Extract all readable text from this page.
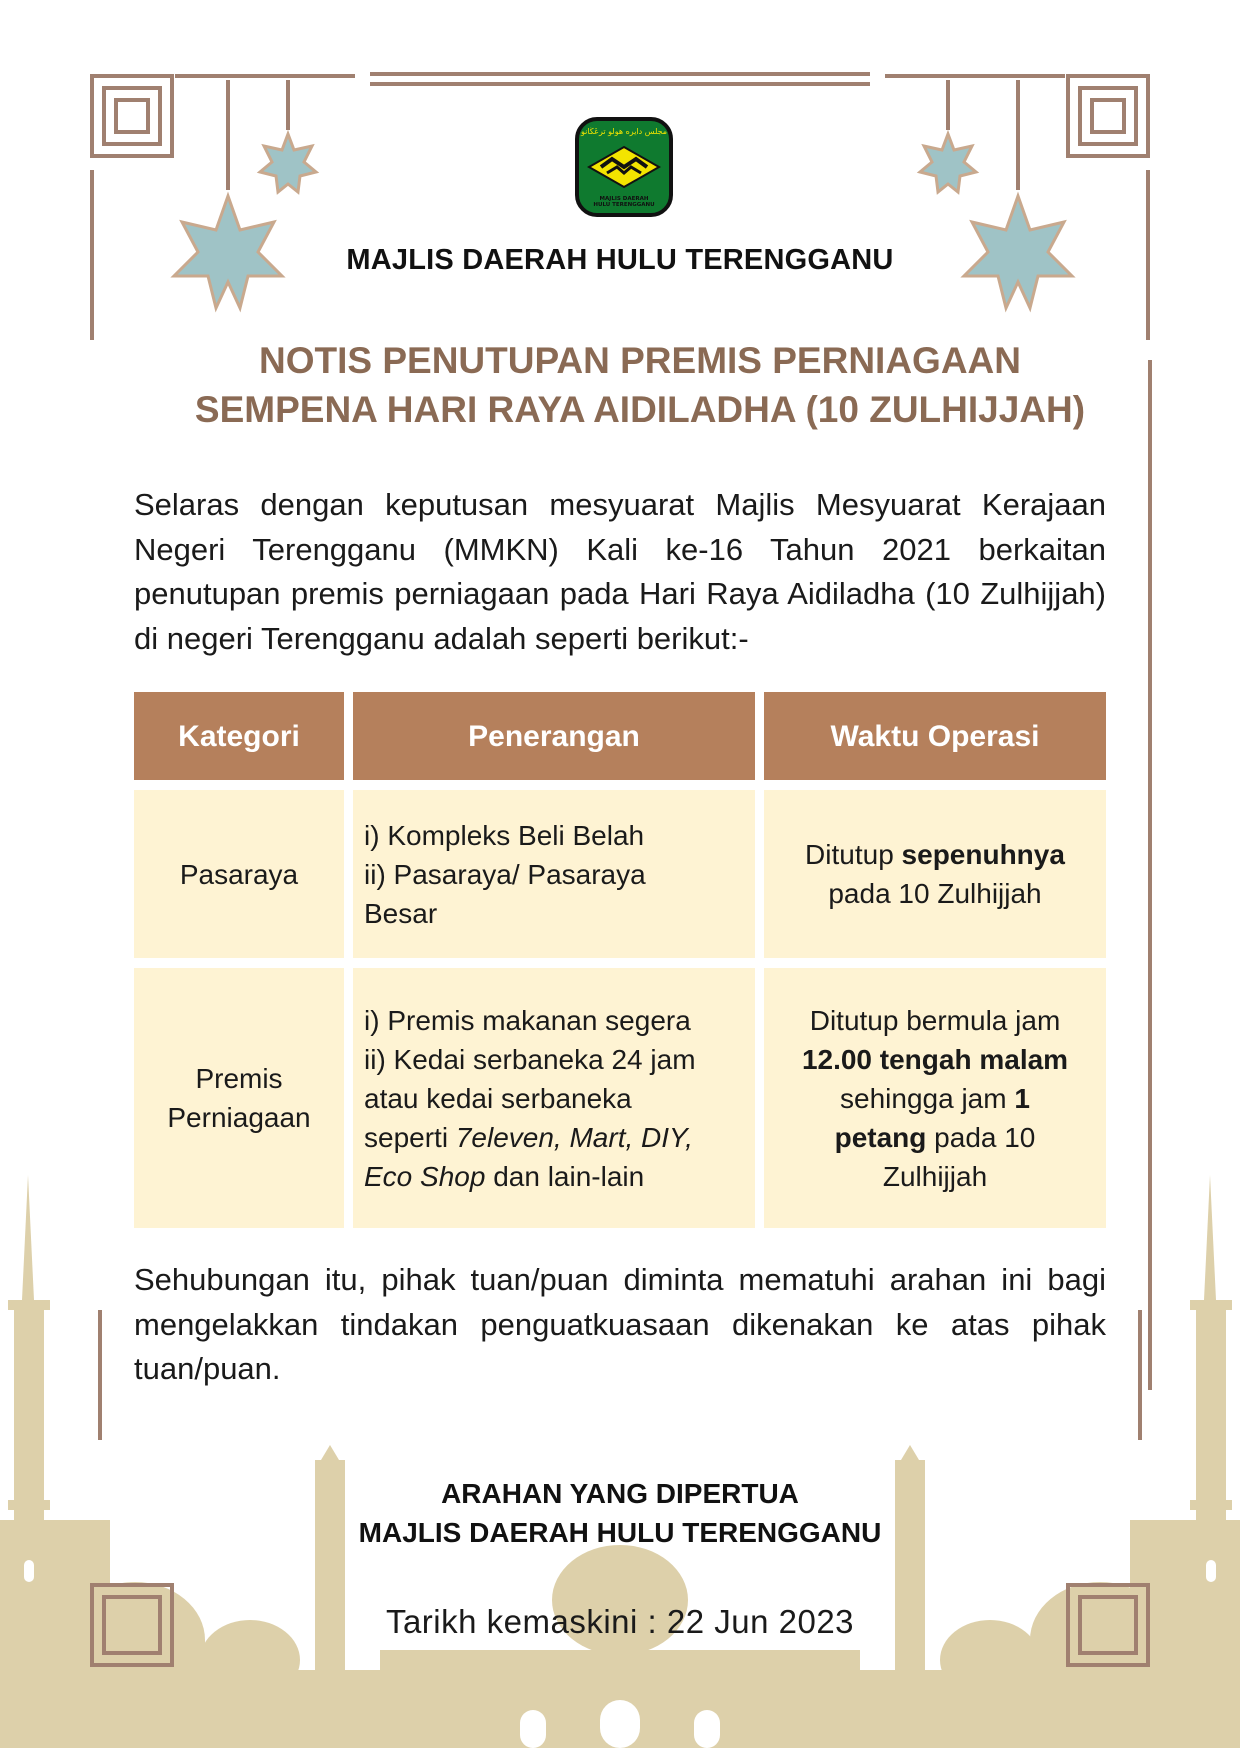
مجلس دايره هولو ترڠڬانو
MAJLIS DAERAH
HULU TERENGGANU
MAJLIS DAERAH HULU TERENGGANU
NOTIS PENUTUPAN PREMIS PERNIAGAAN
SEMPENA HARI RAYA AIDILADHA (10 ZULHIJJAH)
Selaras dengan keputusan mesyuarat Majlis Mesyuarat Kerajaan Negeri Terengganu (MMKN) Kali ke-16 Tahun 2021 berkaitan penutupan premis perniagaan pada Hari Raya Aidiladha (10 Zulhijjah) di negeri Terengganu adalah seperti berikut:-
Kategori	Penerangan	Waktu Operasi
Pasaraya
i) Kompleks Beli Belah
ii) Pasaraya/ Pasaraya
Besar
Ditutup sepenuhnya
pada 10 Zulhijjah
Premis
Perniagaan
i) Premis makanan segera
ii) Kedai serbaneka 24 jam
atau kedai serbaneka
seperti 7eleven, Mart, DIY,
Eco Shop dan lain-lain
Ditutup bermula jam
12.00 tengah malam
sehingga jam 1
petang pada 10
Zulhijjah
Sehubungan itu, pihak tuan/puan diminta mematuhi arahan ini bagi mengelakkan tindakan penguatkuasaan dikenakan ke atas pihak tuan/puan.
ARAHAN YANG DIPERTUA
MAJLIS DAERAH HULU TERENGGANU
Tarikh kemaskini : 22 Jun 2023
